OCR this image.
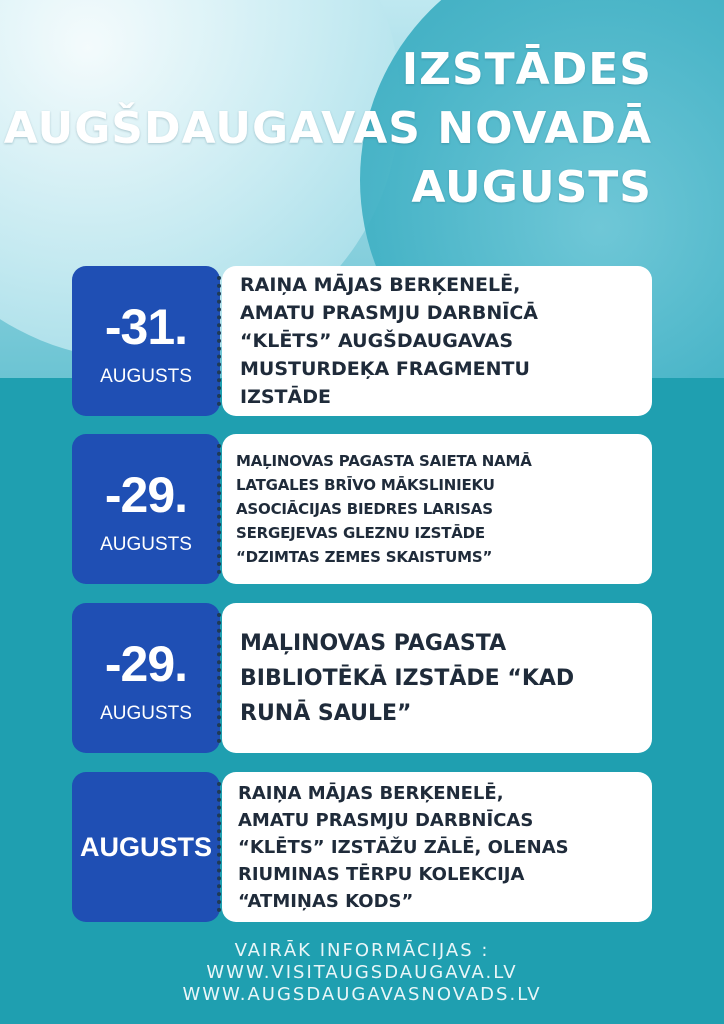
IZSTĀDES
AUGŠDAUGAVAS NOVADĀ
AUGUSTS
-31.
AUGUSTS
RAIŅA MĀJAS BERĶENELĒ,
AMATU PRASMJU DARBNĪCĀ
“KLĒTS” AUGŠDAUGAVAS
MUSTURDEĶA FRAGMENTU
IZSTĀDE
-29.
AUGUSTS
MAĻINOVAS PAGASTA SAIETA NAMĀ
LATGALES BRĪVO MĀKSLINIEKU
ASOCIĀCIJAS BIEDRES LARISAS
SERGEJEVAS GLEZNU IZSTĀDE
“DZIMTAS ZEMES SKAISTUMS”
-29.
AUGUSTS
MAĻINOVAS PAGASTA
BIBLIOTĒKĀ IZSTĀDE “KAD
RUNĀ SAULE”
AUGUSTS
RAIŅA MĀJAS BERĶENELĒ,
AMATU PRASMJU DARBNĪCAS
“KLĒTS” IZSTĀŽU ZĀLĒ, OLENAS
RIUMINAS TĒRPU KOLEKCIJA
“ATMIŅAS KODS”
VAIRĀK INFORMĀCIJAS :
WWW.VISITAUGSDAUGAVA.LV
WWW.AUGSDAUGAVASNOVADS.LV
